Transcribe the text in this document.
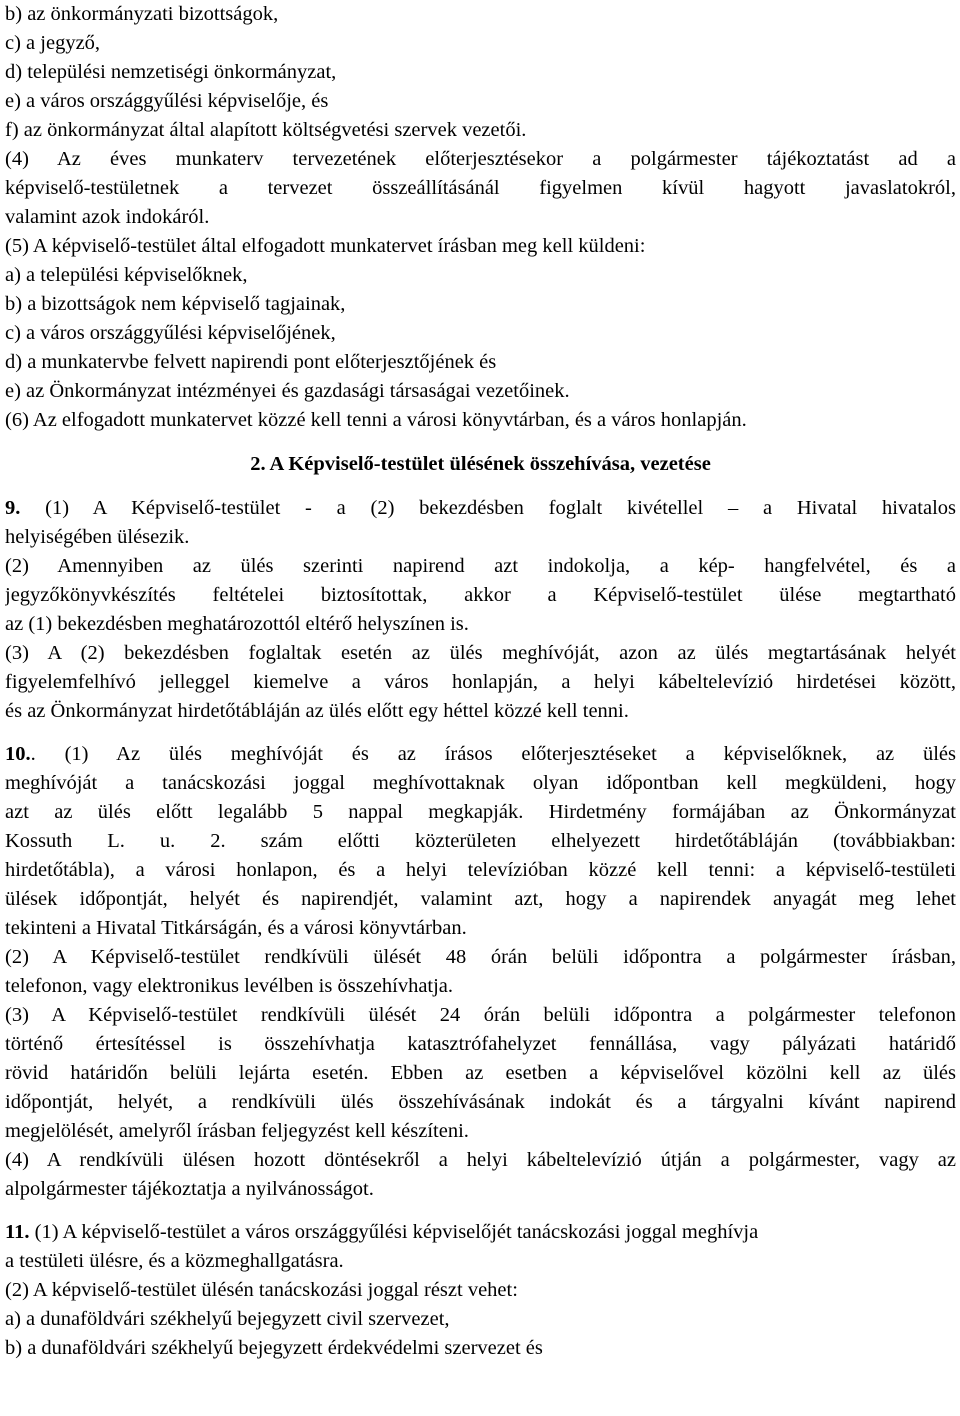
b) az önkormányzati bizottságok,
c) a jegyző,
d) települési nemzetiségi önkormányzat,
e) a város országgyűlési képviselője, és
f) az önkormányzat által alapított költségvetési szervek vezetői.
(4) Az éves munkaterv tervezetének előterjesztésekor a polgármester tájékoztatást ad a
képviselő-testületnek a tervezet összeállításánál figyelmen kívül hagyott javaslatokról,
valamint azok indokáról.
(5) A képviselő-testület által elfogadott munkatervet írásban meg kell küldeni:
a) a települési képviselőknek,
b) a bizottságok nem képviselő tagjainak,
c) a város országgyűlési képviselőjének,
d) a munkatervbe felvett napirendi pont előterjesztőjének és
e) az Önkormányzat intézményei és gazdasági társaságai vezetőinek.
(6) Az elfogadott munkatervet közzé kell tenni a városi könyvtárban, és a város honlapján.
2. A Képviselő-testület ülésének összehívása, vezetése
9. (1) A Képviselő-testület - a (2) bekezdésben foglalt kivétellel – a Hivatal hivatalos
helyiségében ülésezik.
(2) Amennyiben az ülés szerinti napirend azt indokolja, a kép- hangfelvétel, és a
jegyzőkönyvkészítés feltételei biztosítottak, akkor a Képviselő-testület ülése megtartható
az (1) bekezdésben meghatározottól eltérő helyszínen is.
(3) A (2) bekezdésben foglaltak esetén az ülés meghívóját, azon az ülés megtartásának helyét
figyelemfelhívó jelleggel kiemelve a város honlapján, a helyi kábeltelevízió hirdetései között,
és az Önkormányzat hirdetőtábláján az ülés előtt egy héttel közzé kell tenni.
10.. (1) Az ülés meghívóját és az írásos előterjesztéseket a képviselőknek, az ülés
meghívóját a tanácskozási joggal meghívottaknak olyan időpontban kell megküldeni, hogy
azt az ülés előtt legalább 5 nappal megkapják. Hirdetmény formájában az Önkormányzat
Kossuth L. u. 2. szám előtti közterületen elhelyezett hirdetőtábláján (továbbiakban:
hirdetőtábla), a városi honlapon, és a helyi televízióban közzé kell tenni: a képviselő-testületi
ülések időpontját, helyét és napirendjét, valamint azt, hogy a napirendek anyagát meg lehet
tekinteni a Hivatal Titkárságán, és a városi könyvtárban.
(2) A Képviselő-testület rendkívüli ülését 48 órán belüli időpontra a polgármester írásban,
telefonon, vagy elektronikus levélben is összehívhatja.
(3) A Képviselő-testület rendkívüli ülését 24 órán belüli időpontra a polgármester telefonon
történő értesítéssel is összehívhatja katasztrófahelyzet fennállása, vagy pályázati határidő
rövid határidőn belüli lejárta esetén. Ebben az esetben a képviselővel közölni kell az ülés
időpontját, helyét, a rendkívüli ülés összehívásának indokát és a tárgyalni kívánt napirend
megjelölését, amelyről írásban feljegyzést kell készíteni.
(4) A rendkívüli ülésen hozott döntésekről a helyi kábeltelevízió útján a polgármester, vagy az
alpolgármester tájékoztatja a nyilvánosságot.
11. (1) A képviselő-testület a város országgyűlési képviselőjét tanácskozási joggal meghívja
a testületi ülésre, és a közmeghallgatásra.
(2) A képviselő-testület ülésén tanácskozási joggal részt vehet:
a) a dunaföldvári székhelyű bejegyzett civil szervezet,
b) a dunaföldvári székhelyű bejegyzett érdekvédelmi szervezet és
